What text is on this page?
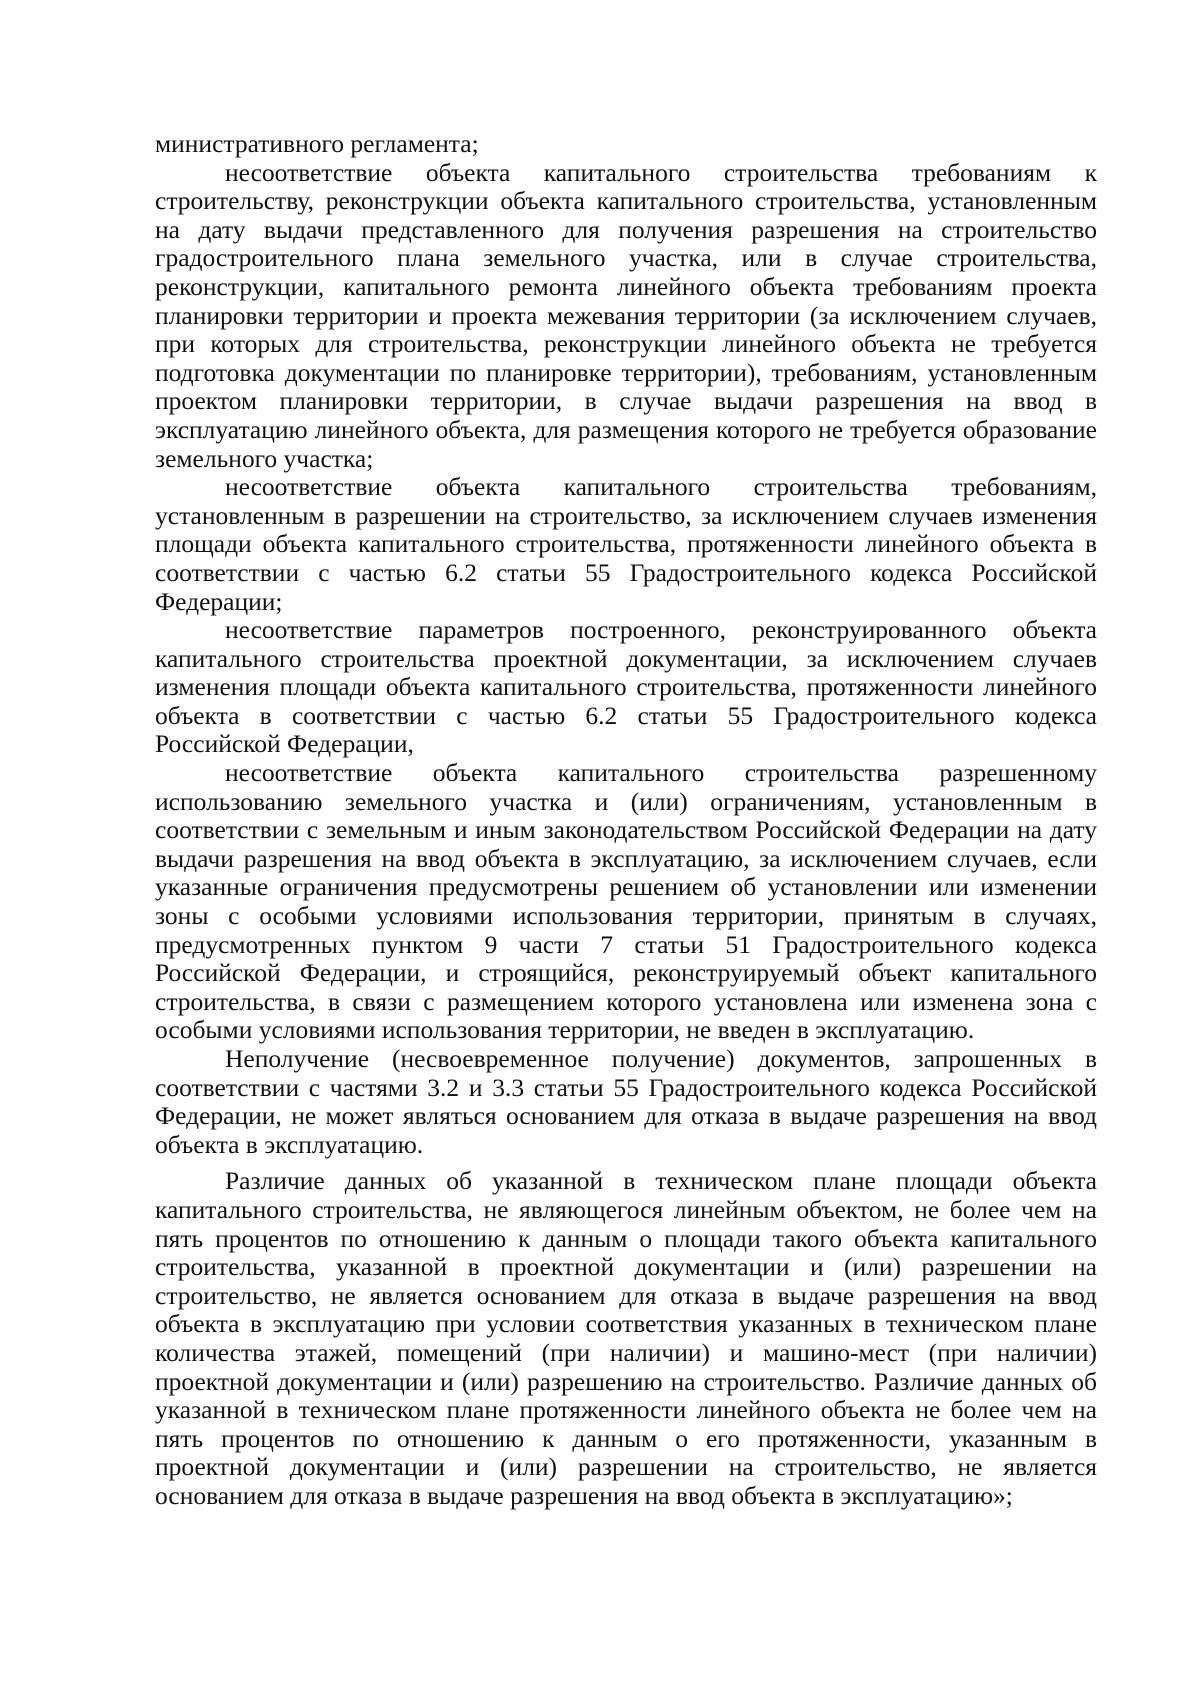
министративного регламента;

несоответствие объекта капитального строительства требованиям к строительству, реконструкции объекта капитального строительства, установленным на дату выдачи представленного для получения разрешения на строительство градостроительного плана земельного участка, или в случае строительства, реконструкции, капитального ремонта линейного объекта требованиям проекта планировки территории и проекта межевания территории (за исключением случаев, при которых для строительства, реконструкции линейного объекта не требуется подготовка документации по планировке территории), требованиям, установленным проектом планировки территории, в случае выдачи разрешения на ввод в эксплуатацию линейного объекта, для размещения которого не требуется образование земельного участка;

несоответствие объекта капитального строительства требованиям, установленным в разрешении на строительство, за исключением случаев изменения площади объекта капитального строительства, протяженности линейного объекта в соответствии с частью 6.2 статьи 55 Градостроительного кодекса Российской Федерации;

несоответствие параметров построенного, реконструированного объекта капитального строительства проектной документации, за исключением случаев изменения площади объекта капитального строительства, протяженности линейного объекта в соответствии с частью 6.2 статьи 55 Градостроительного кодекса Российской Федерации,

несоответствие объекта капитального строительства разрешенному использованию земельного участка и (или) ограничениям, установленным в соответствии с земельным и иным законодательством Российской Федерации на дату выдачи разрешения на ввод объекта в эксплуатацию, за исключением случаев, если указанные ограничения предусмотрены решением об установлении или изменении зоны с особыми условиями использования территории, принятым в случаях, предусмотренных пунктом 9 части 7 статьи 51 Градостроительного кодекса Российской Федерации, и строящийся, реконструируемый объект капитального строительства, в связи с размещением которого установлена или изменена зона с особыми условиями использования территории, не введен в эксплуатацию.

Неполучение (несвоевременное получение) документов, запрошенных в соответствии с частями 3.2 и 3.3 статьи 55 Градостроительного кодекса Российской Федерации, не может являться основанием для отказа в выдаче разрешения на ввод объекта в эксплуатацию.

Различие данных об указанной в техническом плане площади объекта капитального строительства, не являющегося линейным объектом, не более чем на пять процентов по отношению к данным о площади такого объекта капитального строительства, указанной в проектной документации и (или) разрешении на строительство, не является основанием для отказа в выдаче разрешения на ввод объекта в эксплуатацию при условии соответствия указанных в техническом плане количества этажей, помещений (при наличии) и машино-мест (при наличии) проектной документации и (или) разрешению на строительство. Различие данных об указанной в техническом плане протяженности линейного объекта не более чем на пять процентов по отношению к данным о его протяженности, указанным в проектной документации и (или) разрешении на строительство, не является основанием для отказа в выдаче разрешения на ввод объекта в эксплуатацию»;
